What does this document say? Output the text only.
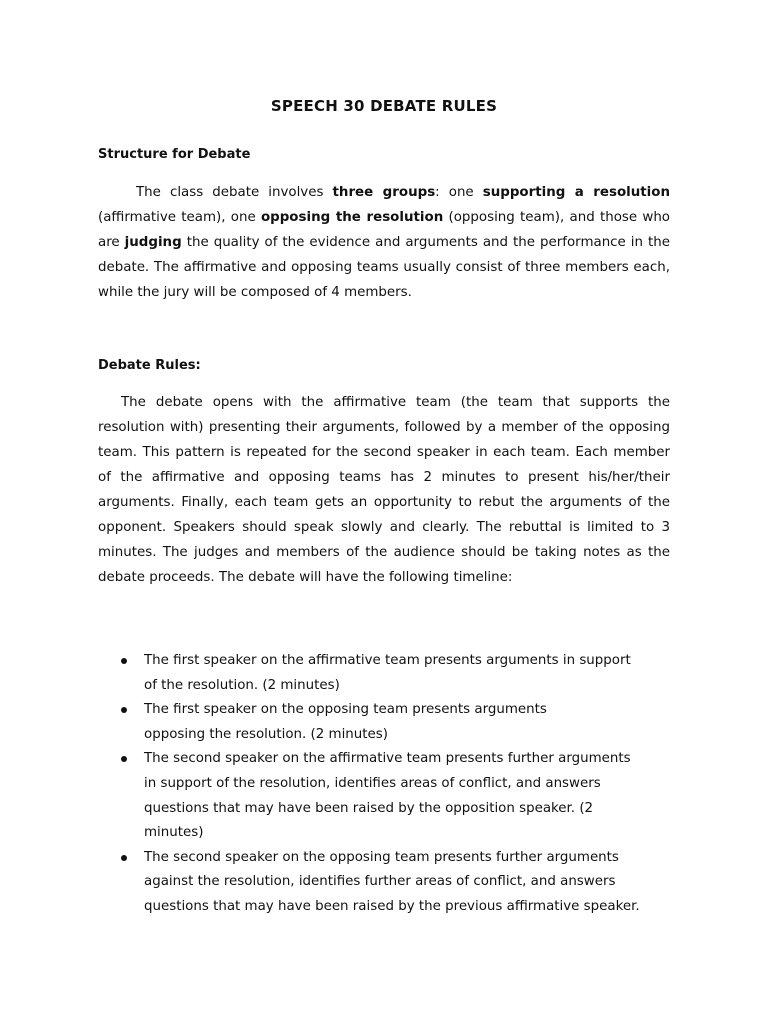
SPEECH 30 DEBATE RULES
Structure for Debate

The class debate involves three groups: one supporting a resolution (affirmative team), one opposing the resolution (opposing team), and those who are judging the quality of the evidence and arguments and the performance in the debate. The affirmative and opposing teams usually consist of three members each, while the jury will be composed of 4 members.

Debate Rules:

The debate opens with the affirmative team (the team that supports the resolution with) presenting their arguments, followed by a member of the opposing team. This pattern is repeated for the second speaker in each team. Each member of the affirmative and opposing teams has 2 minutes to present his/her/their arguments. Finally, each team gets an opportunity to rebut the arguments of the opponent. Speakers should speak slowly and clearly. The rebuttal is limited to 3 minutes. The judges and members of the audience should be taking notes as the debate proceeds. The debate will have the following timeline:

The first speaker on the affirmative team presents arguments in support
of the resolution. (2 minutes)
The first speaker on the opposing team presents arguments
opposing the resolution. (2 minutes)
The second speaker on the affirmative team presents further arguments
in support of the resolution, identifies areas of conflict, and answers
questions that may have been raised by the opposition speaker. (2
minutes)
The second speaker on the opposing team presents further arguments
against the resolution, identifies further areas of conflict, and answers
questions that may have been raised by the previous affirmative speaker.
